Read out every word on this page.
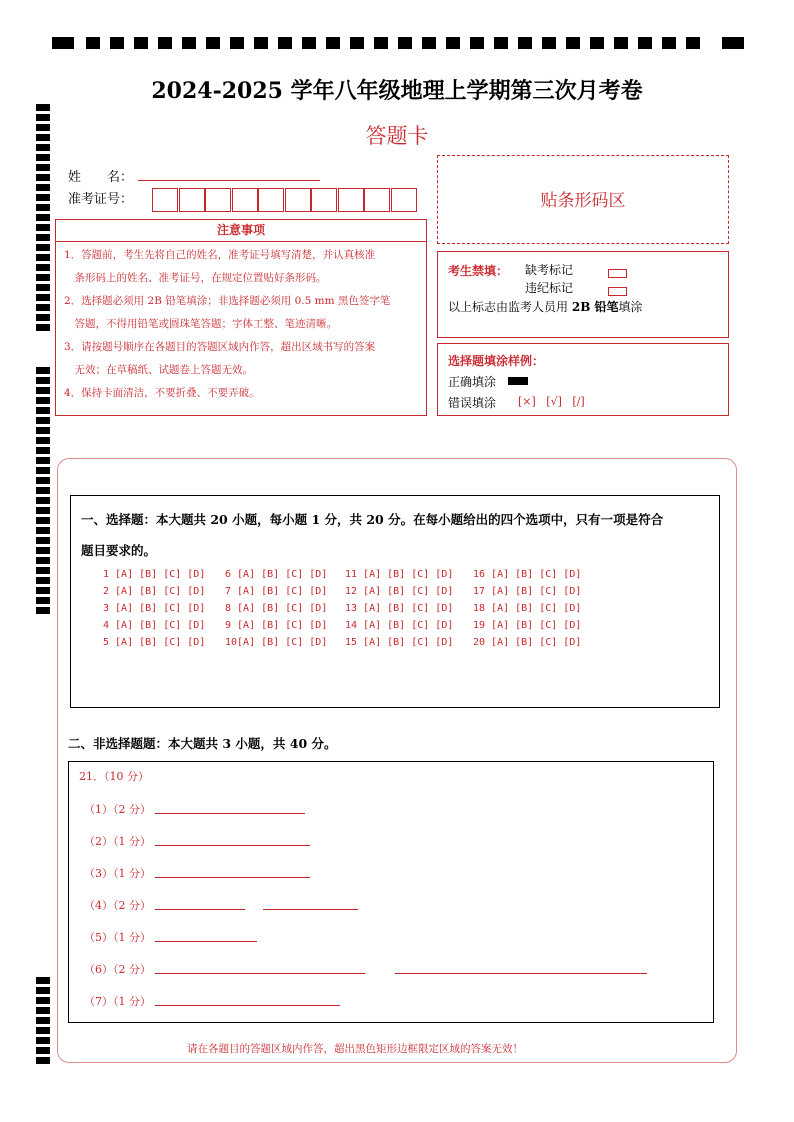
2024-2025 学年八年级地理上学期第三次月考卷
答题卡
姓　　名：
准考证号：	贴条形码区
注意事项

1．答题前，考生先将自己的姓名，准考证号填写清楚，并认真核准

　条形码上的姓名、准考证号，在规定位置贴好条形码。

2．选择题必须用 2B 铅笔填涂；非选择题必须用 0.5 mm 黑色签字笔

　答题，不得用铅笔或圆珠笔答题；字体工整、笔迹清晰。

3．请按题号顺序在各题目的答题区域内作答，超出区域书写的答案

　无效；在草稿纸、试题卷上答题无效。

4．保持卡面清洁，不要折叠、不要弄破。

考生禁填： 缺考标记
违纪标记
以上标志由监考人员用 2B 铅笔填涂
选择题填涂样例：
正确填涂
错误填涂 [×]   [√]   [/]
一、选择题：本大题共 20 小题，每小题 1 分，共 20 分。在每小题给出的四个选项中，只有一项是符合
题目要求的。
1 [A] [B] [C] [D]
2 [A] [B] [C] [D]
3 [A] [B] [C] [D]
4 [A] [B] [C] [D]
5 [A] [B] [C] [D]
6 [A] [B] [C] [D]
7 [A] [B] [C] [D]
8 [A] [B] [C] [D]
9 [A] [B] [C] [D]
10[A] [B] [C] [D]
11 [A] [B] [C] [D]
12 [A] [B] [C] [D]
13 [A] [B] [C] [D]
14 [A] [B] [C] [D]
15 [A] [B] [C] [D]
16 [A] [B] [C] [D]
17 [A] [B] [C] [D]
18 [A] [B] [C] [D]
19 [A] [B] [C] [D]
20 [A] [B] [C] [D]
二、非选择题题：本大题共 3 小题，共 40 分。
21．（10 分）
（1）（2 分）
（2）（1 分）
（3）（1 分）
（4）（2 分）
（5）（1 分）
（6）（2 分）
（7）（1 分）
请在各题目的答题区域内作答，超出黑色矩形边框限定区域的答案无效！
